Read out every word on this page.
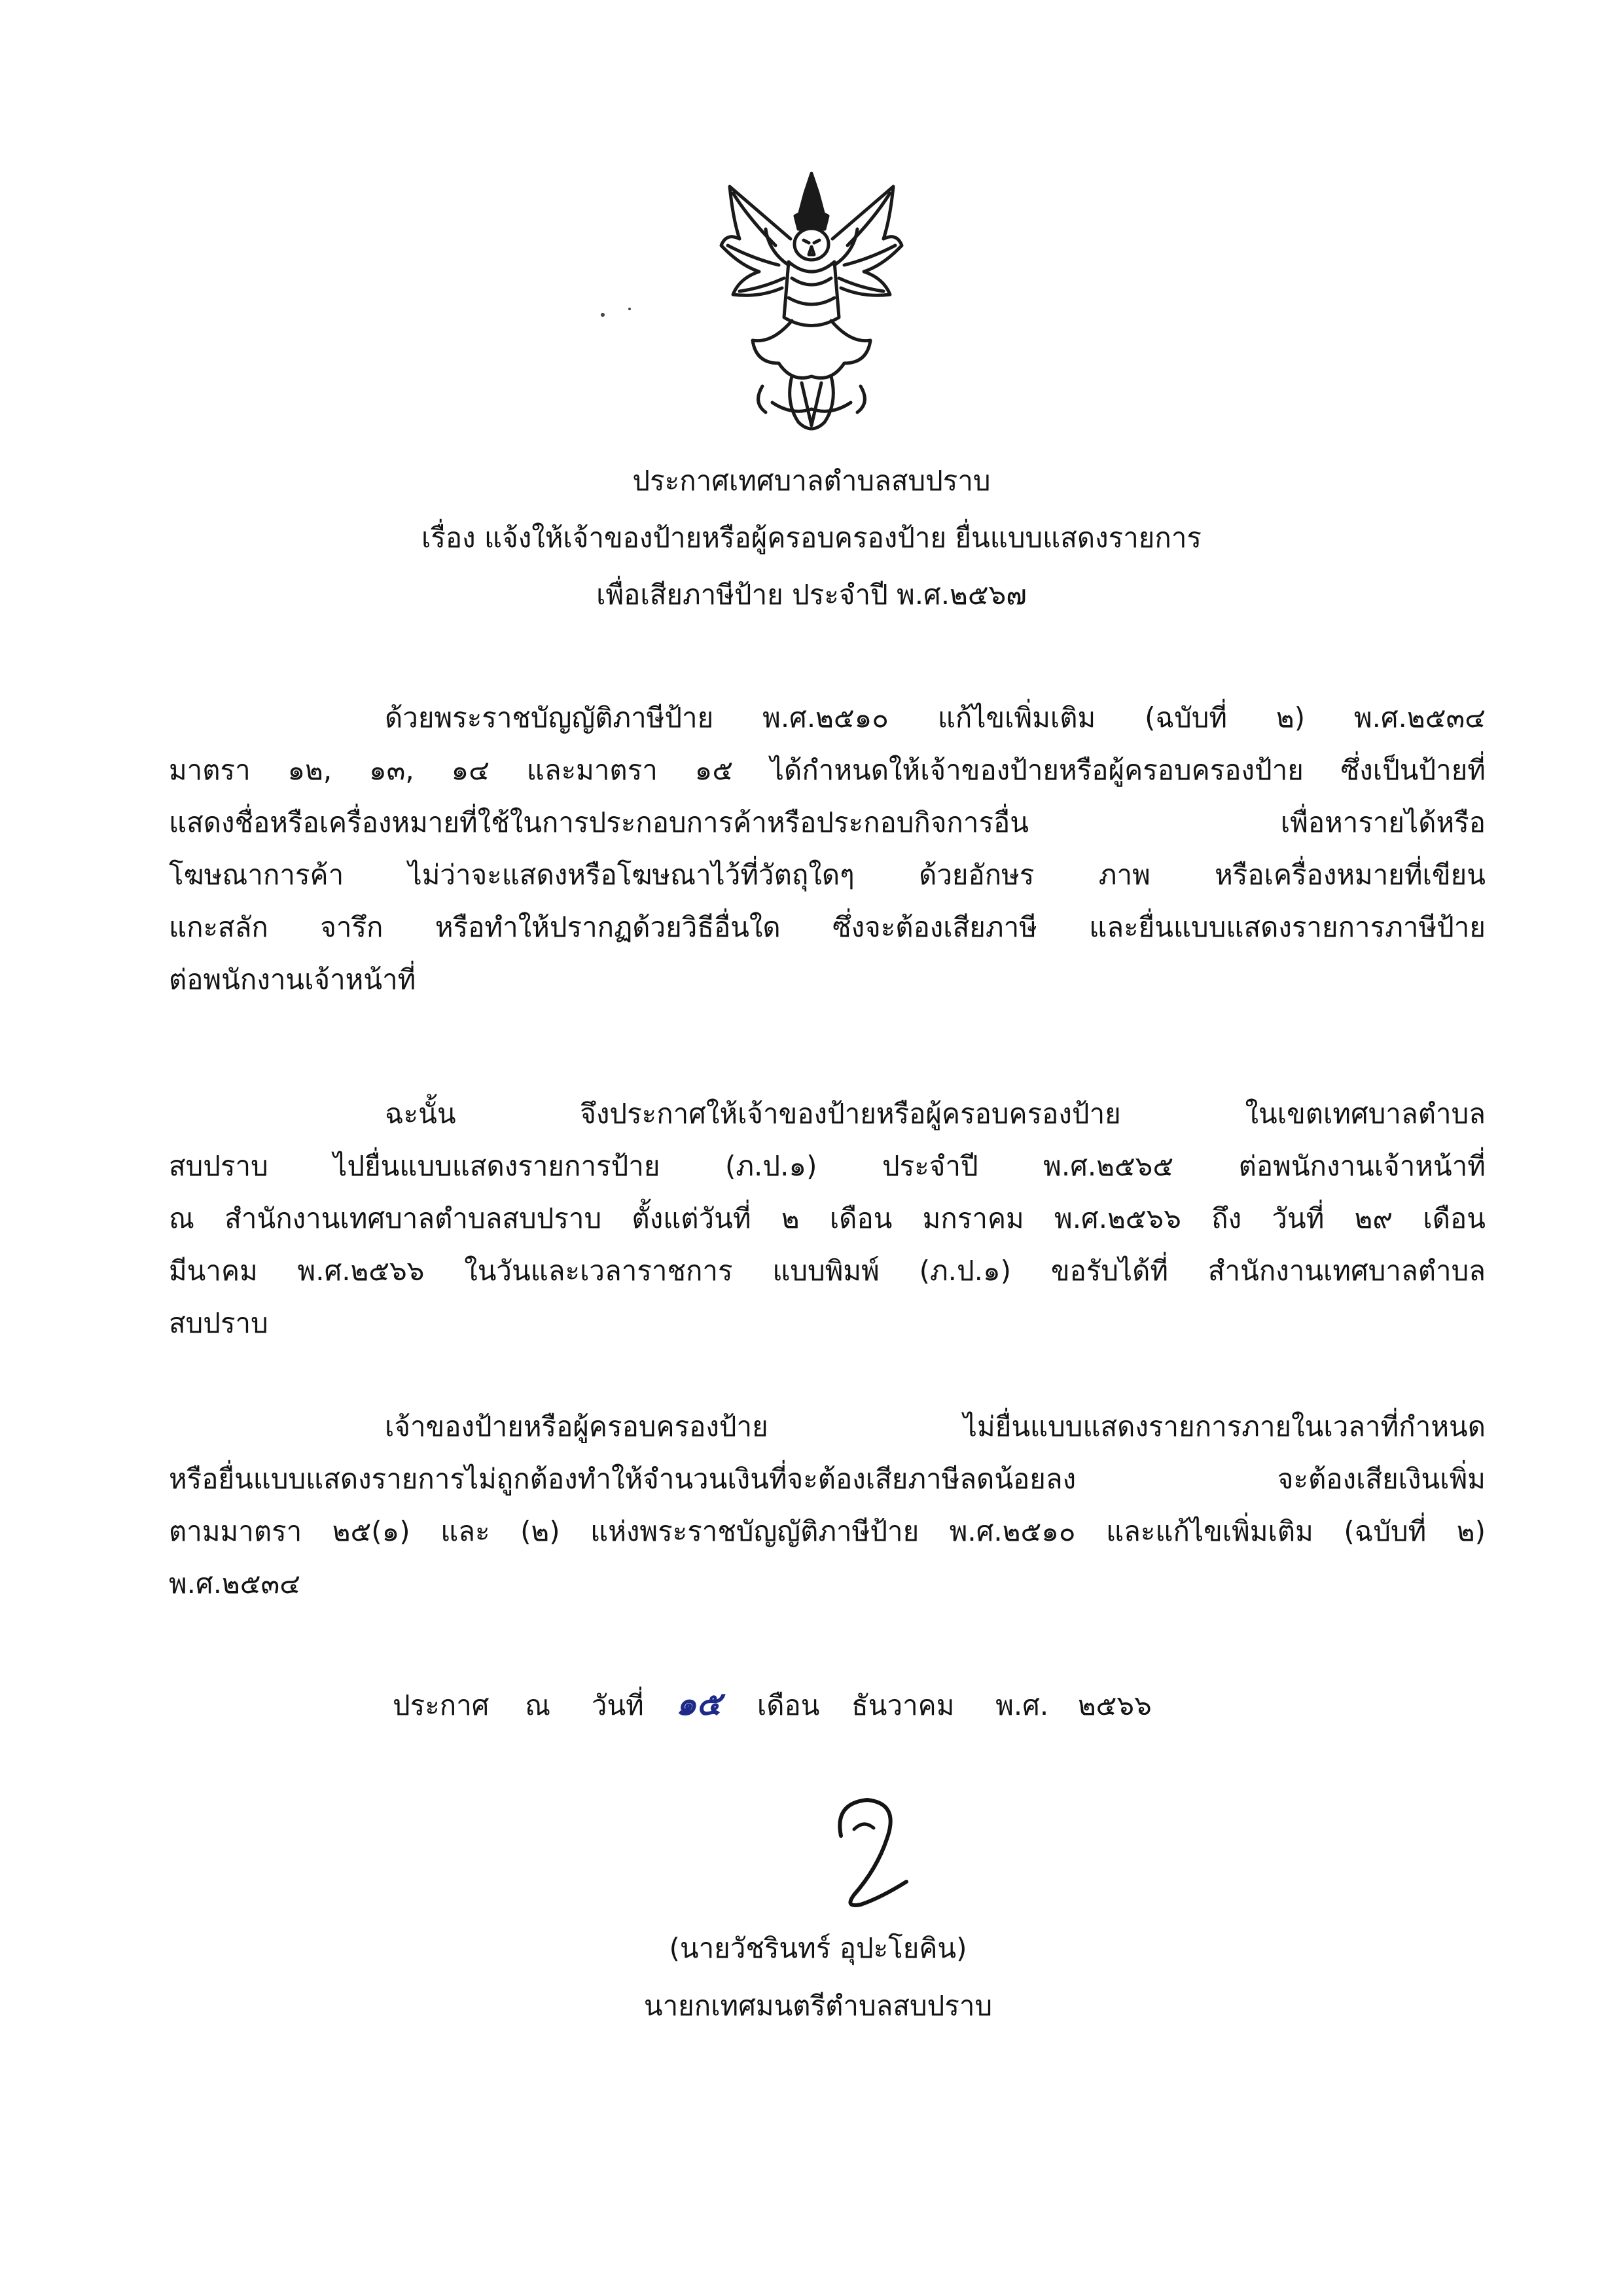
ประกาศเทศบาลตำบลสบปราบ
เรื่อง แจ้งให้เจ้าของป้ายหรือผู้ครอบครองป้าย ยื่นแบบแสดงรายการ
เพื่อเสียภาษีป้าย ประจำปี พ.ศ.๒๕๖๗
ด้วยพระราชบัญญัติภาษีป้าย พ.ศ.๒๕๑๐ แก้ไขเพิ่มเติม (ฉบับที่ ๒) พ.ศ.๒๕๓๔
มาตรา ๑๒, ๑๓, ๑๔ และมาตรา ๑๕ ได้กำหนดให้เจ้าของป้ายหรือผู้ครอบครองป้าย ซึ่งเป็นป้ายที่
แสดงชื่อหรือเครื่องหมายที่ใช้ในการประกอบการค้าหรือประกอบกิจการอื่น เพื่อหารายได้หรือ
โฆษณาการค้า ไม่ว่าจะแสดงหรือโฆษณาไว้ที่วัตถุใดๆ ด้วยอักษร ภาพ หรือเครื่องหมายที่เขียน
แกะสลัก จารึก หรือทำให้ปรากฏด้วยวิธีอื่นใด ซึ่งจะต้องเสียภาษี และยื่นแบบแสดงรายการภาษีป้าย
ต่อพนักงานเจ้าหน้าที่
ฉะนั้น จึงประกาศให้เจ้าของป้ายหรือผู้ครอบครองป้าย ในเขตเทศบาลตำบล
สบปราบ ไปยื่นแบบแสดงรายการป้าย (ภ.ป.๑) ประจำปี พ.ศ.๒๕๖๕ ต่อพนักงานเจ้าหน้าที่
ณ สำนักงานเทศบาลตำบลสบปราบ ตั้งแต่วันที่ ๒ เดือน มกราคม พ.ศ.๒๕๖๖ ถึง วันที่ ๒๙ เดือน
มีนาคม พ.ศ.๒๕๖๖ ในวันและเวลาราชการ แบบพิมพ์ (ภ.ป.๑) ขอรับได้ที่ สำนักงานเทศบาลตำบล
สบปราบ
เจ้าของป้ายหรือผู้ครอบครองป้าย ไม่ยื่นแบบแสดงรายการภายในเวลาที่กำหนด
หรือยื่นแบบแสดงรายการไม่ถูกต้องทำให้จำนวนเงินที่จะต้องเสียภาษีลดน้อยลง จะต้องเสียเงินเพิ่ม
ตามมาตรา ๒๕(๑) และ (๒) แห่งพระราชบัญญัติภาษีป้าย พ.ศ.๒๕๑๐ และแก้ไขเพิ่มเติม (ฉบับที่ ๒)
พ.ศ.๒๕๓๔
ประกาศ ณ วันที่ ๑๕ เดือน ธันวาคม พ.ศ. ๒๕๖๖
(นายวัชรินทร์ อุปะโยคิน)
นายกเทศมนตรีตำบลสบปราบ
